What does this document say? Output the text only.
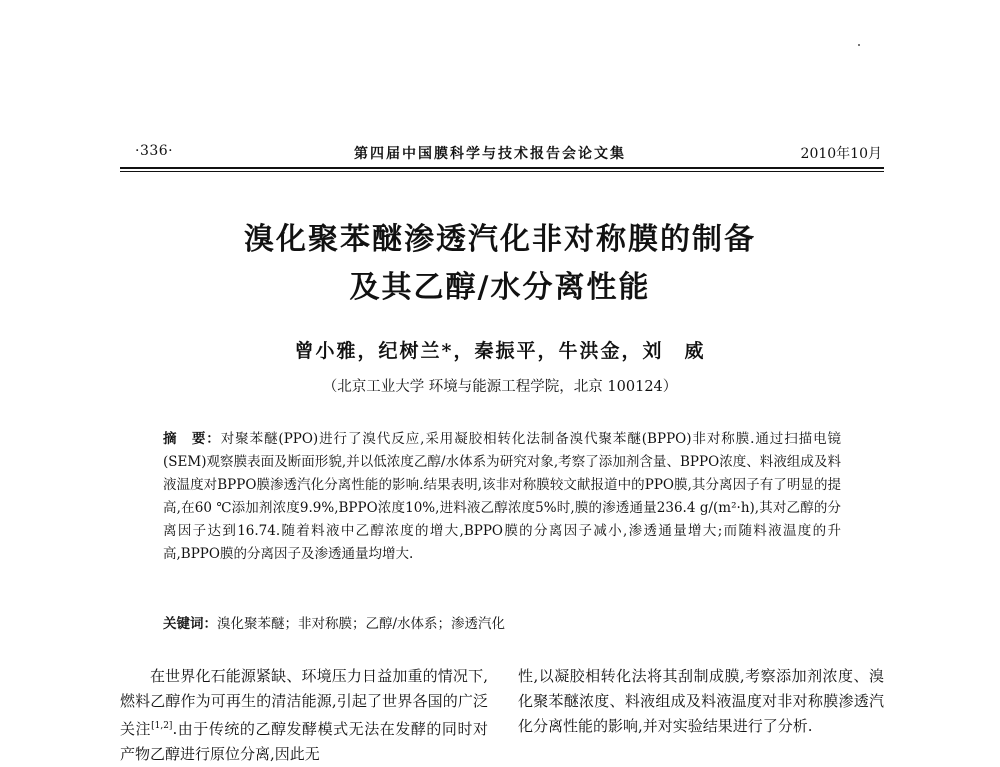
·336·	第四届中国膜科学与技术报告会论文集	2010年10月
溴化聚苯醚渗透汽化非对称膜的制备
及其乙醇/水分离性能
曾小雅，纪树兰*，秦振平，牛洪金，刘　威
（北京工业大学 环境与能源工程学院，北京 100124）
摘　要：对聚苯醚(PPO)进行了溴代反应,采用凝胶相转化法制备溴代聚苯醚(BPPO)非对称膜.通过扫描电镜(SEM)观察膜表面及断面形貌,并以低浓度乙醇/水体系为研究对象,考察了添加剂含量、BPPO浓度、料液组成及料液温度对BPPO膜渗透汽化分离性能的影响.结果表明,该非对称膜较文献报道中的PPO膜,其分离因子有了明显的提高,在60 ℃添加剂浓度9.9%,BPPO浓度10%,进料液乙醇浓度5%时,膜的渗透通量236.4 g/(m²·h),其对乙醇的分离因子达到16.74.随着料液中乙醇浓度的增大,BPPO膜的分离因子减小,渗透通量增大;而随料液温度的升高,BPPO膜的分离因子及渗透通量均增大.
关键词：溴化聚苯醚；非对称膜；乙醇/水体系；渗透汽化
在世界化石能源紧缺、环境压力日益加重的情况下,燃料乙醇作为可再生的清洁能源,引起了世界各国的广泛关注[1,2].由于传统的乙醇发酵模式无法在发酵的同时对产物乙醇进行原位分离,因此无
性,以凝胶相转化法将其刮制成膜,考察添加剂浓度、溴化聚苯醚浓度、料液组成及料液温度对非对称膜渗透汽化分离性能的影响,并对实验结果进行了分析.
